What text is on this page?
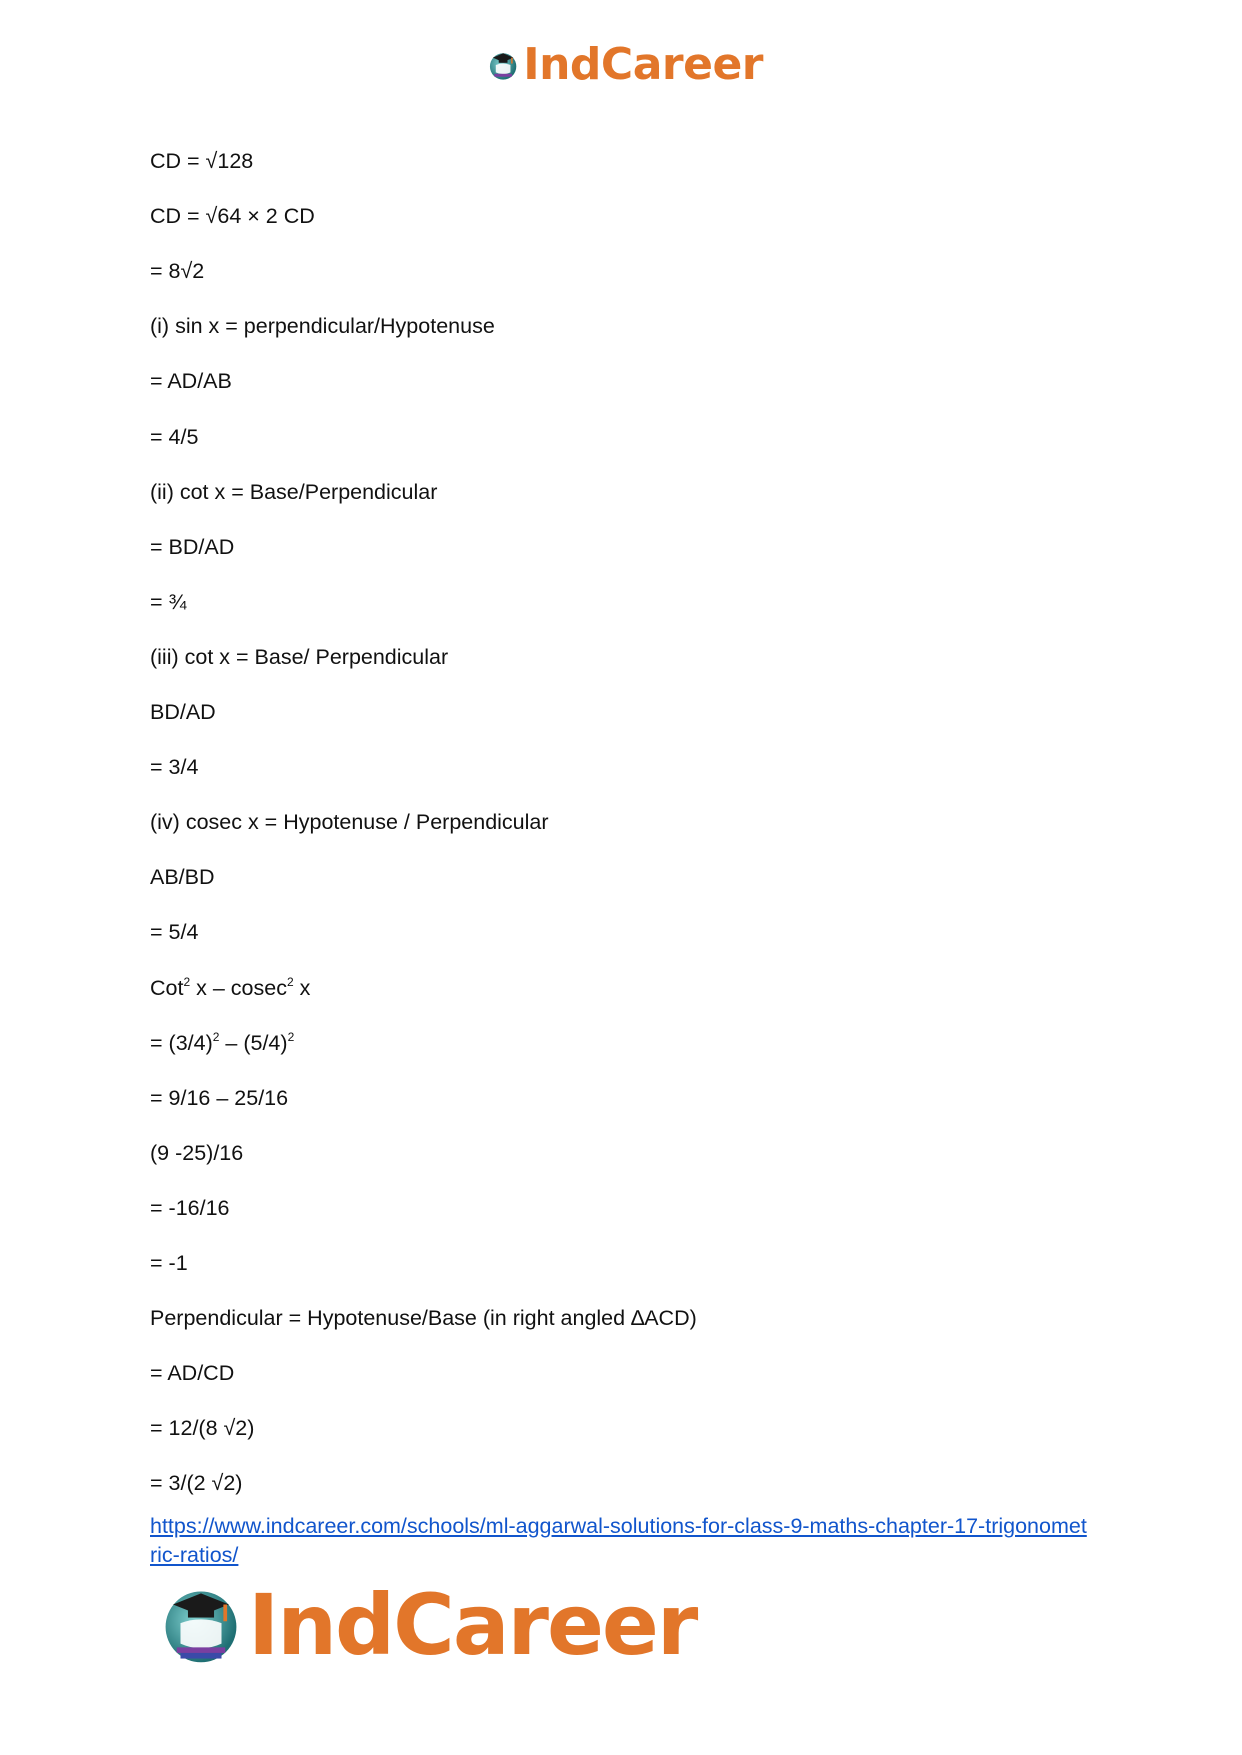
IndCareer
CD = √128
CD = √64 × 2 CD
= 8√2
(i) sin x = perpendicular/Hypotenuse
= AD/AB
= 4/5
(ii) cot x = Base/Perpendicular
= BD/AD
= ¾
(iii) cot x = Base/ Perpendicular
BD/AD
= 3/4
(iv) cosec x = Hypotenuse / Perpendicular
AB/BD
= 5/4
Cot$^2$ x – cosec$^2$ x
= $(3/4)^2 - (5/4)^2$
= 9/16 – 25/16
(9 -25)/16
= -16/16
= -1
Perpendicular = Hypotenuse/Base (in right angled ∆ACD)
= AD/CD
= 12/(8 √2)
= 3/(2 √2)
https://www.indcareer.com/schools/ml-aggarwal-solutions-for-class-9-maths-chapter-17-trigonometric-ratios/
IndCareer
